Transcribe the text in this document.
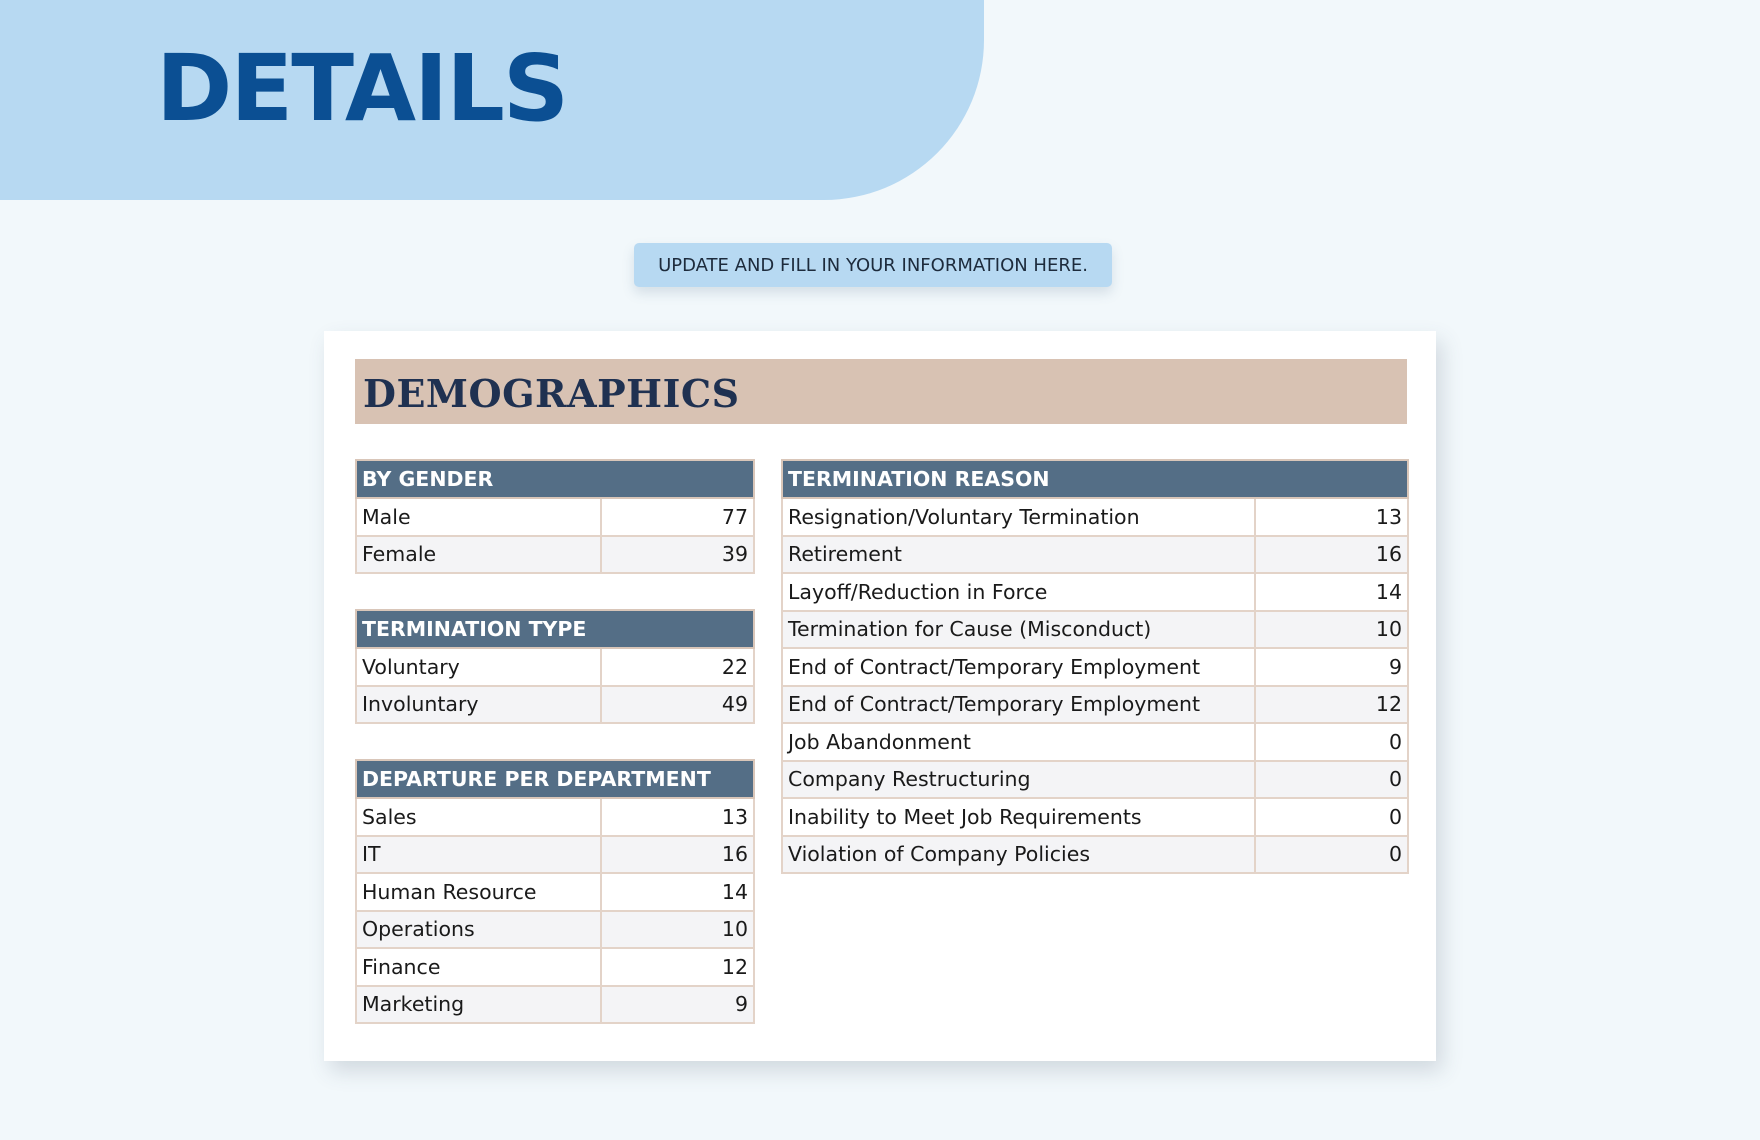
DETAILS
UPDATE AND FILL IN YOUR INFORMATION HERE.
DEMOGRAPHICS
BY GENDER	
Male	77
Female	39
TERMINATION TYPE	
Voluntary	22
Involuntary	49
DEPARTURE PER DEPARTMENT	
Sales	13
IT	16
Human Resource	14
Operations	10
Finance	12
Marketing	9
TERMINATION REASON	
Resignation/Voluntary Termination	13
Retirement	16
Layoff/Reduction in Force	14
Termination for Cause (Misconduct)	10
End of Contract/Temporary Employment	9
End of Contract/Temporary Employment	12
Job Abandonment	0
Company Restructuring	0
Inability to Meet Job Requirements	0
Violation of Company Policies	0
